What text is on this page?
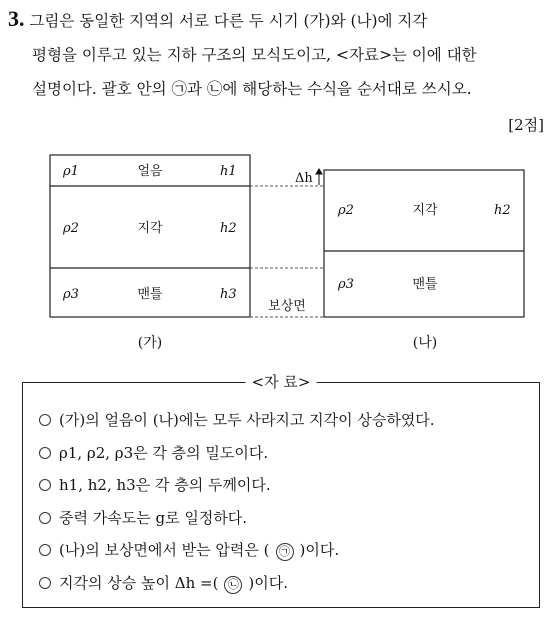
3. 그림은 동일한 지역의 서로 다른 두 시기 (가)와 (나)에 지각
평형을 이루고 있는 지하 구조의 모식도이고, <자료>는 이에 대한
설명이다. 괄호 안의 ㉠과 ㉡에 해당하는 수식을 순서대로 쓰시오.
[2점]
ρ1	얼음	h1
ρ2	지각	h2
ρ3	맨틀	h3
ρ2	지각	h2
ρ3	맨틀
Δh
보상면
(가)	(나)
<자 료>
(가)의 얼음이 (나)에는 모두 사라지고 지각이 상승하였다.
ρ1, ρ2, ρ3은 각 층의 밀도이다.
h1, h2, h3은 각 층의 두께이다.
중력 가속도는 g로 일정하다.
(나)의 보상면에서 받는 압력은 ( ㉠ )이다.
지각의 상승 높이 Δh =( ㉡ )이다.
